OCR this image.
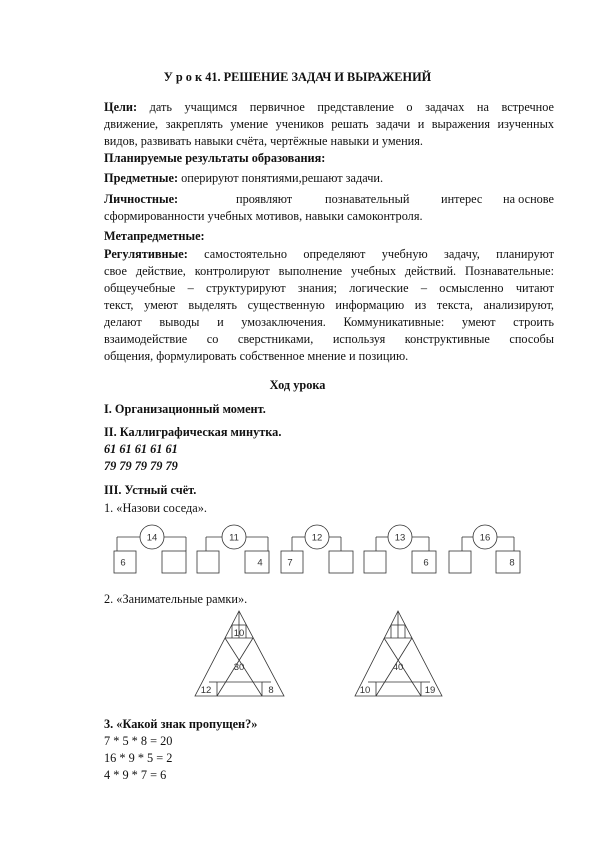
У р о к 41. РЕШЕНИЕ ЗАДАЧ И ВЫРАЖЕНИЙ
Цели: дать учащимся первичное представление о задачах на встречное
движение, закреплять умение учеников решать задачи и выражения изученных
видов, развивать навыки счёта, чертёжные навыки и умения.
Планируемые результаты образования:
Предметные: оперируют понятиями,решают задачи.
Личностные:	проявляют	познавательный	интерес на основе
сформированности учебных мотивов, навыки самоконтроля.
Метапредметные:
Регулятивные: самостоятельно определяют учебную задачу, планируют
свое действие, контролируют выполнение учебных действий. Познавательные:
общеучебные – структурируют знания; логические – осмысленно читают
текст, умеют выделять существенную информацию из текста, анализируют,
делают выводы и умозаключения. Коммуникативные: умеют строить
взаимодействие со сверстниками, используя конструктивные способы
общения, формулировать собственное мнение и позицию.
Ход урока
I. Организационный момент.
II. Каллиграфическая минутка.
61 61 61 61 61
79 79 79 79 79
III. Устный счёт.
1. «Назови соседа».
14	11	12	13	16
6	4	7	6	8
2. «Занимательные рамки».
10
30
12	8
40
10	19
3. «Какой знак пропущен?»
7 * 5 * 8 = 20
16 * 9 * 5 = 2
4 * 9 * 7 = 6
